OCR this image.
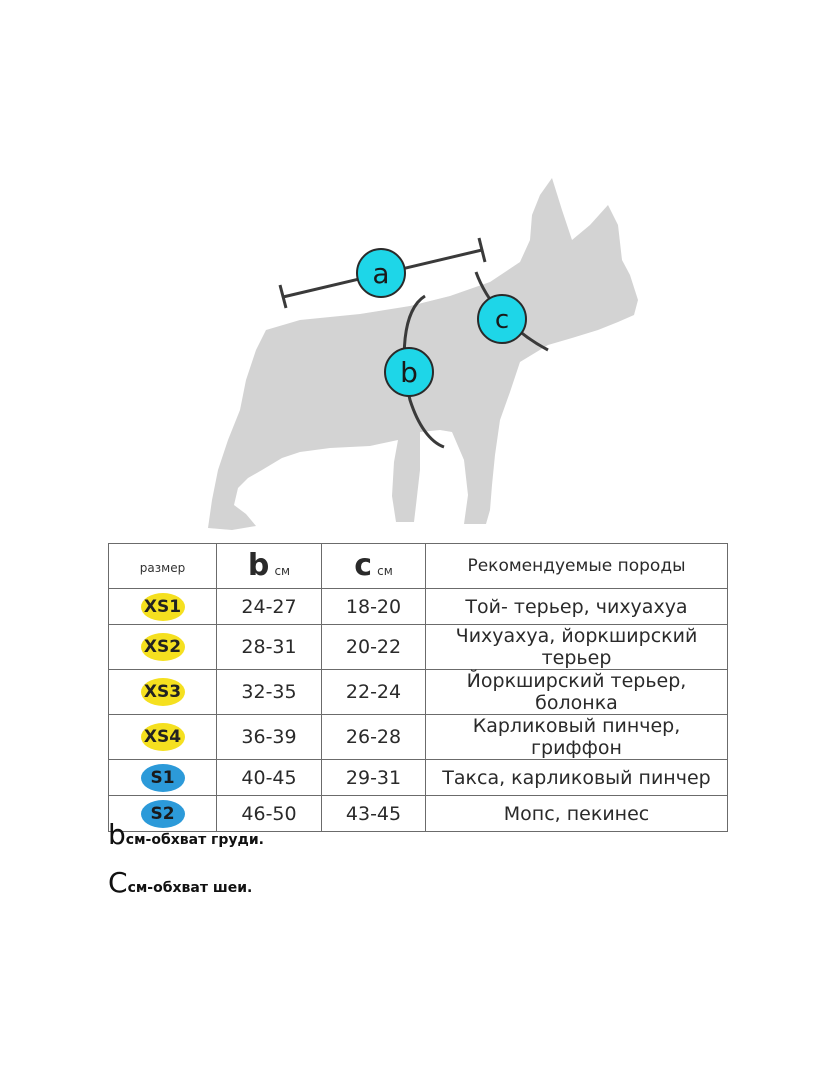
a
b
c
размер	b см	c см	Рекомендуемые породы
XS1	24-27	18-20	Той- терьер, чихуахуа
XS2	28-31	20-22	Чихуахуа, йоркширский терьер
XS3	32-35	22-24	Йоркширский терьер, болонка
XS4	36-39	26-28	Карликовый пинчер, гриффон
S1	40-45	29-31	Такса, карликовый пинчер
S2	46-50	43-45	Мопс, пекинес
bсм-обхват груди.
Cсм-обхват шеи.
